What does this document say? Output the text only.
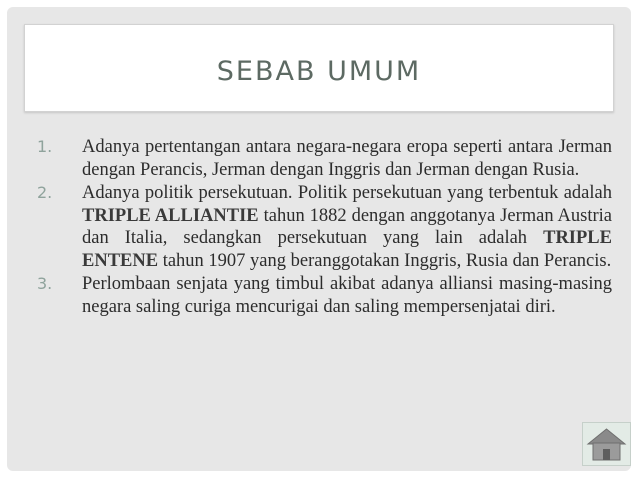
SEBAB UMUM
1. Adanya pertentangan antara negara-negara eropa seperti antara Jerman dengan Perancis, Jerman dengan Inggris dan Jerman dengan Rusia.
2. Adanya politik persekutuan. Politik persekutuan yang terbentuk adalah TRIPLE ALLIANTIE tahun 1882 dengan anggotanya Jerman Austria dan Italia, sedangkan persekutuan yang lain adalah TRIPLE ENTENE tahun 1907 yang beranggotakan Inggris, Rusia dan Perancis.
3. Perlombaan senjata yang timbul akibat adanya alliansi masing-masing negara saling curiga mencurigai dan saling mempersenjatai diri.
